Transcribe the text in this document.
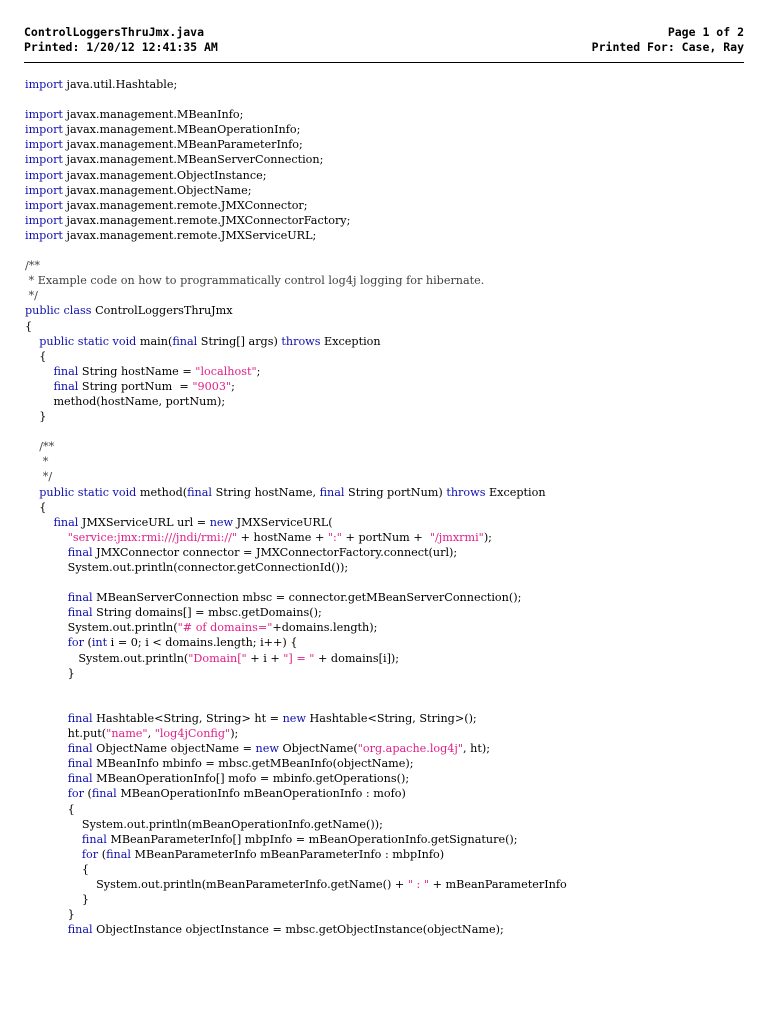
ControlLoggersThruJmx.java
Printed: 1/20/12 12:41:35 AM
Page 1 of 2
Printed For: Case, Ray
import java.util.Hashtable;

import javax.management.MBeanInfo;
import javax.management.MBeanOperationInfo;
import javax.management.MBeanParameterInfo;
import javax.management.MBeanServerConnection;
import javax.management.ObjectInstance;
import javax.management.ObjectName;
import javax.management.remote.JMXConnector;
import javax.management.remote.JMXConnectorFactory;
import javax.management.remote.JMXServiceURL;

/**
* Example code on how to programmatically control log4j logging for hibernate.
*/
public class ControlLoggersThruJmx
{
public static void main(final String[] args) throws Exception
{
final String hostName = "localhost";
final String portNum  = "9003";
method(hostName, portNum);
}

/**
*
*/
public static void method(final String hostName, final String portNum) throws Exception
{
final JMXServiceURL url = new JMXServiceURL(
"service:jmx:rmi:///jndi/rmi://" + hostName + ":" + portNum +  "/jmxrmi");
final JMXConnector connector = JMXConnectorFactory.connect(url);
System.out.println(connector.getConnectionId());

final MBeanServerConnection mbsc = connector.getMBeanServerConnection();
final String domains[] = mbsc.getDomains();
System.out.println("# of domains="+domains.length);
for (int i = 0; i < domains.length; i++) {
System.out.println("Domain[" + i + "] = " + domains[i]);
}

final Hashtable<String, String> ht = new Hashtable<String, String>();
ht.put("name", "log4jConfig");
final ObjectName objectName = new ObjectName("org.apache.log4j", ht);
final MBeanInfo mbinfo = mbsc.getMBeanInfo(objectName);
final MBeanOperationInfo[] mofo = mbinfo.getOperations();
for (final MBeanOperationInfo mBeanOperationInfo : mofo)
{
System.out.println(mBeanOperationInfo.getName());
final MBeanParameterInfo[] mbpInfo = mBeanOperationInfo.getSignature();
for (final MBeanParameterInfo mBeanParameterInfo : mbpInfo)
{
System.out.println(mBeanParameterInfo.getName() + " : " + mBeanParameterInfo
}
}
final ObjectInstance objectInstance = mbsc.getObjectInstance(objectName);
